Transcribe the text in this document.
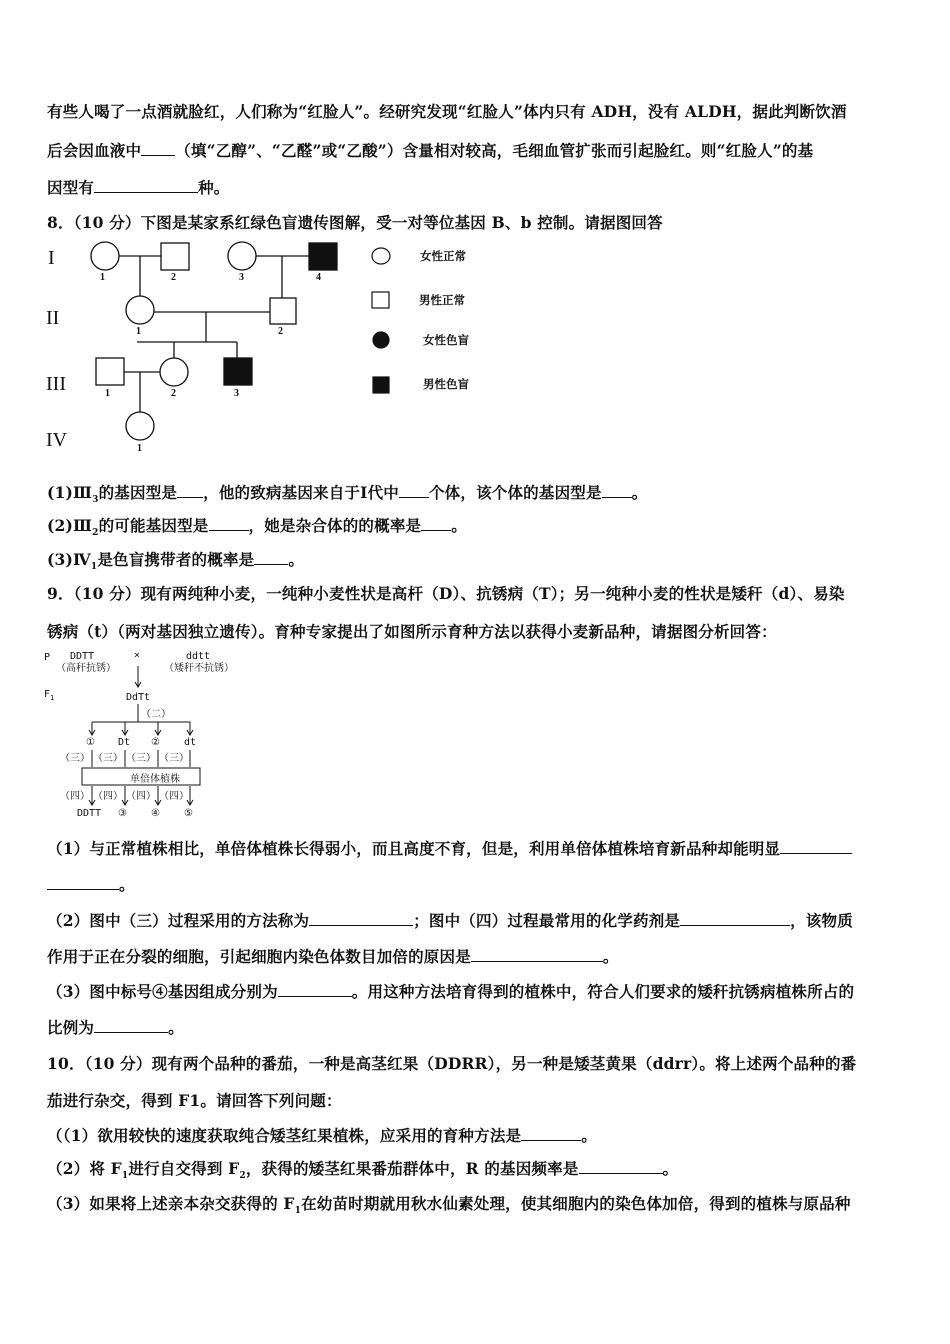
有些人喝了一点酒就脸红，人们称为“红脸人”。经研究发现“红脸人”体内只有 ADH，没有 ALDH，据此判断饮酒
后会因血液中 （填“乙醇”、“乙醛”或“乙酸”）含量相对较高，毛细血管扩张而引起脸红。则“红脸人”的基
因型有	种。
8．（10 分）下图是某家系红绿色盲遗传图解，受一对等位基因 B、b 控制。请据图回答
I
II
III
IV
1	2	3	4
1	2
1	2	3
1
女性正常
男性正常
女性色盲
男性色盲
$(1)Ⅲ_3$的基因型是 ，他的致病基因来自于Ⅰ代中 个体，该个体的基因型是 。
$(2)Ⅲ_2$的可能基因型是	，她是杂合体的的概率是 。
$(3)Ⅳ_1$是色盲携带者的概率是 。
9．（10 分）现有两纯种小麦，一纯种小麦性状是高杆（D）、抗锈病（T）；另一纯种小麦的性状是矮秆（d）、易染
锈病（t）（两对基因独立遗传）。育种专家提出了如图所示育种方法以获得小麦新品种，请据图分析回答：
P DDTT	×	ddtt
（高秆抗锈）	（矮秆不抗锈）
$F_1$	DdTt
（二）
① Dt ② dt
（三） （三） （三） （三）
单倍体植株
（四） （四） （四） （四）
DDTT ③ ④ ⑤
（1）与正常植株相比，单倍体植株长得弱小，而且高度不育，但是，利用单倍体植株培育新品种却能明显
。
（2）图中（三）过程采用的方法称为	；图中（四）过程最常用的化学药剂是	，该物质
作用于正在分裂的细胞，引起细胞内染色体数目加倍的原因是	。
（3）图中标号④基因组成分别为	。用这种方法培育得到的植株中，符合人们要求的矮秆抗锈病植株所占的
比例为	。
10．（10 分）现有两个品种的番茄，一种是高茎红果（DDRR），另一种是矮茎黄果（ddrr）。将上述两个品种的番
茄进行杂交，得到 F1。请回答下列问题：
（（1）欲用较快的速度获取纯合矮茎红果植株，应采用的育种方法是	。
（2）将 $F_1$进行自交得到 $F_2$，获得的矮茎红果番茄群体中，R 的基因频率是	。
（3）如果将上述亲本杂交获得的 $F_1$在幼苗时期就用秋水仙素处理，使其细胞内的染色体加倍，得到的植株与原品种
